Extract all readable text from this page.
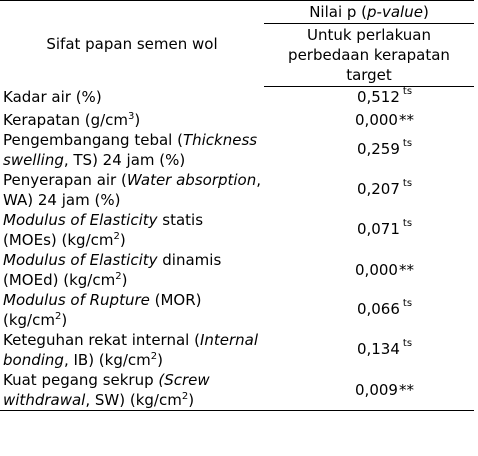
Sifat papan semen wol	Nilai p (p-value)
	Untuk perlakuan
perbedaan kerapatan
target
Kadar air (%)	0,512 $^{ts}$
Kerapatan $(g/cm^3)$	0,000**
Pengembangang tebal (Thickness swelling, TS) 24 jam (%)	0,259 $^{ts}$
Penyerapan air (Water absorption, WA) 24 jam (%)	0,207 $^{ts}$
Modulus of Elasticity statis (MOEs) $(kg/cm^2)$	0,071 $^{ts}$
Modulus of Elasticity dinamis (MOEd) $(kg/cm^2)$	0,000**
Modulus of Rupture (MOR) $(kg/cm^2)$	0,066 $^{ts}$
Keteguhan rekat internal (Internal bonding, IB) $(kg/cm^2)$	0,134 $^{ts}$
Kuat pegang sekrup (Screw withdrawal, SW) $(kg/cm^2)$	0,009**
